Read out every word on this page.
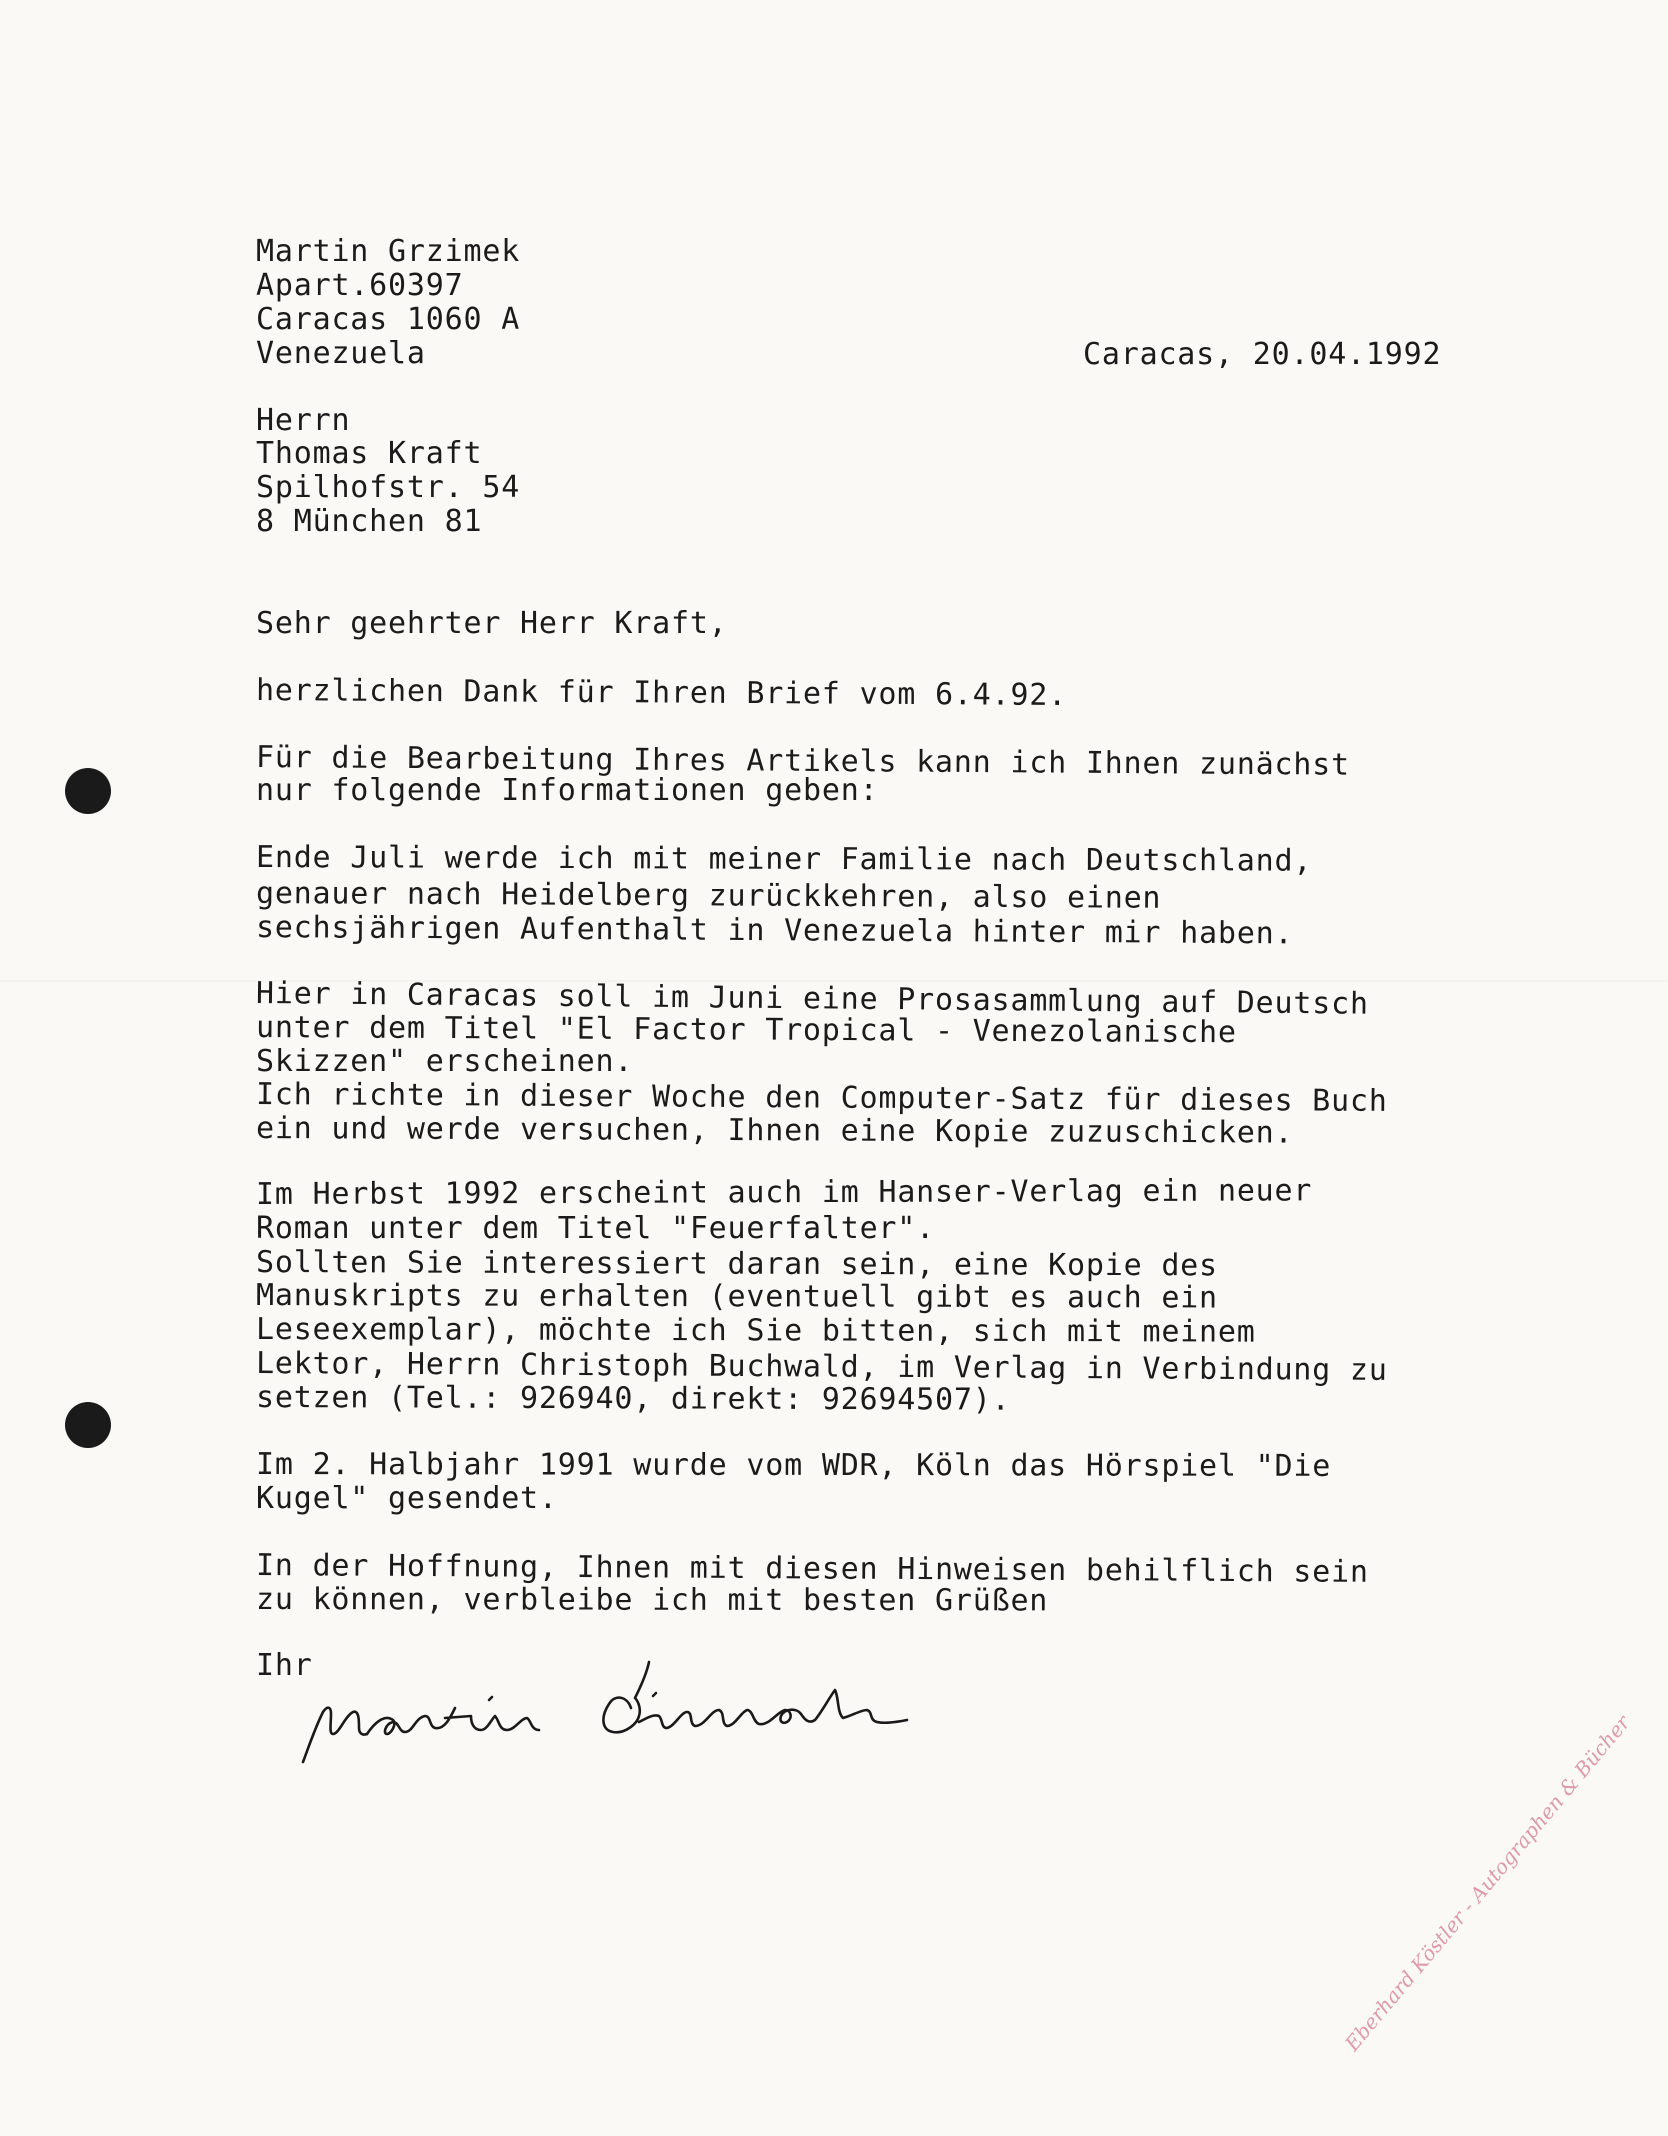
Martin Grzimek
Apart.60397
Caracas 1060 A
Venezuela	Caracas, 20.04.1992
Herrn
Thomas Kraft
Spilhofstr. 54
8 München 81
Sehr geehrter Herr Kraft,
herzlichen Dank für Ihren Brief vom 6.4.92.
Für die Bearbeitung Ihres Artikels kann ich Ihnen zunächst
nur folgende Informationen geben:
Ende Juli werde ich mit meiner Familie nach Deutschland,
genauer nach Heidelberg zurückkehren, also einen
sechsjährigen Aufenthalt in Venezuela hinter mir haben.
Hier in Caracas soll im Juni eine Prosasammlung auf Deutsch
unter dem Titel "El Factor Tropical - Venezolanische
Skizzen" erscheinen.
Ich richte in dieser Woche den Computer-Satz für dieses Buch
ein und werde versuchen, Ihnen eine Kopie zuzuschicken.
Im Herbst 1992 erscheint auch im Hanser-Verlag ein neuer
Roman unter dem Titel "Feuerfalter".
Sollten Sie interessiert daran sein, eine Kopie des
Manuskripts zu erhalten (eventuell gibt es auch ein
Leseexemplar), möchte ich Sie bitten, sich mit meinem
Lektor, Herrn Christoph Buchwald, im Verlag in Verbindung zu
setzen (Tel.: 926940, direkt: 92694507).
Im 2. Halbjahr 1991 wurde vom WDR, Köln das Hörspiel "Die
Kugel" gesendet.
In der Hoffnung, Ihnen mit diesen Hinweisen behilflich sein
zu können, verbleibe ich mit besten Grüßen
Ihr
Eberhard Köstler - Autographen & Bücher
